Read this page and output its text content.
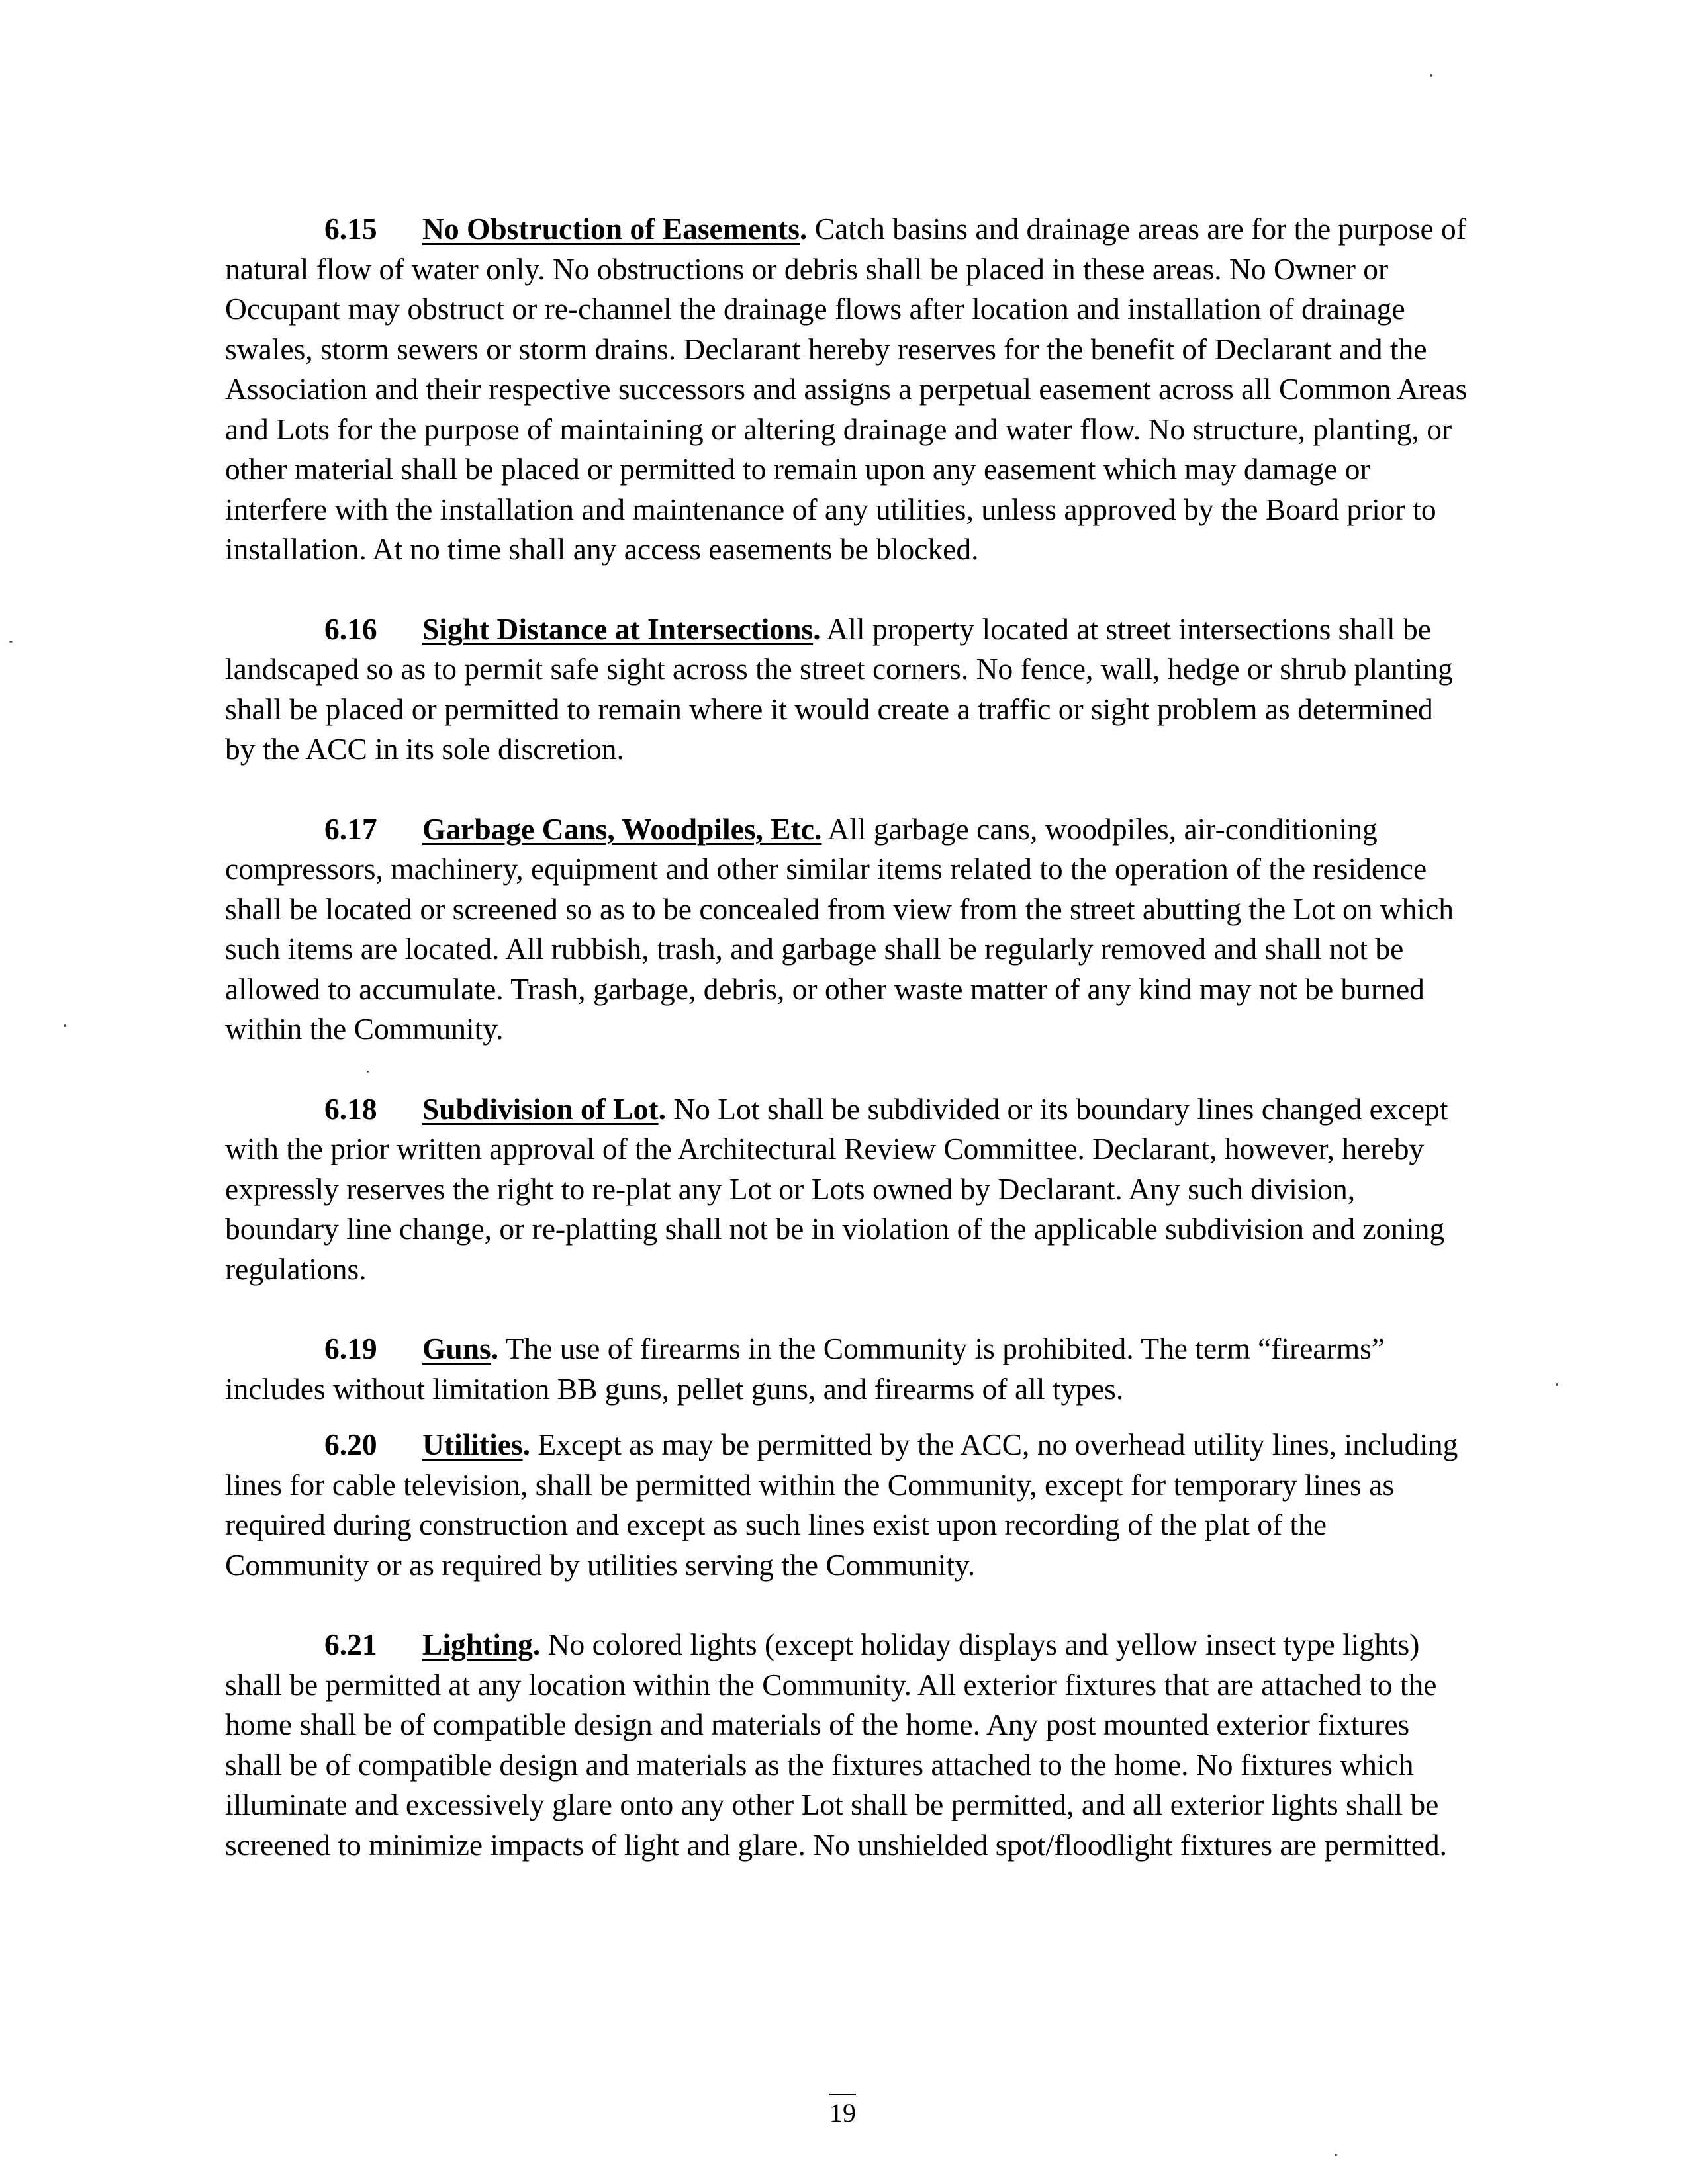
6.15 No Obstruction of Easements. Catch basins and drainage areas are for the purpose of natural flow of water only. No obstructions or debris shall be placed in these areas. No Owner or Occupant may obstruct or re-channel the drainage flows after location and installation of drainage swales, storm sewers or storm drains. Declarant hereby reserves for the benefit of Declarant and the Association and their respective successors and assigns a perpetual easement across all Common Areas and Lots for the purpose of maintaining or altering drainage and water flow. No structure, planting, or other material shall be placed or permitted to remain upon any easement which may damage or interfere with the installation and maintenance of any utilities, unless approved by the Board prior to installation. At no time shall any access easements be blocked.

6.16 Sight Distance at Intersections. All property located at street intersections shall be landscaped so as to permit safe sight across the street corners. No fence, wall, hedge or shrub planting shall be placed or permitted to remain where it would create a traffic or sight problem as determined by the ACC in its sole discretion.

6.17 Garbage Cans, Woodpiles, Etc. All garbage cans, woodpiles, air-conditioning compressors, machinery, equipment and other similar items related to the operation of the residence shall be located or screened so as to be concealed from view from the street abutting the Lot on which such items are located. All rubbish, trash, and garbage shall be regularly removed and shall not be allowed to accumulate. Trash, garbage, debris, or other waste matter of any kind may not be burned within the Community.

6.18 Subdivision of Lot. No Lot shall be subdivided or its boundary lines changed except with the prior written approval of the Architectural Review Committee. Declarant, however, hereby expressly reserves the right to re-plat any Lot or Lots owned by Declarant. Any such division, boundary line change, or re-platting shall not be in violation of the applicable subdivision and zoning regulations.

6.19 Guns. The use of firearms in the Community is prohibited. The term “firearms” includes without limitation BB guns, pellet guns, and firearms of all types.

6.20 Utilities. Except as may be permitted by the ACC, no overhead utility lines, including lines for cable television, shall be permitted within the Community, except for temporary lines as required during construction and except as such lines exist upon recording of the plat of the Community or as required by utilities serving the Community.

6.21 Lighting. No colored lights (except holiday displays and yellow insect type lights) shall be permitted at any location within the Community. All exterior fixtures that are attached to the home shall be of compatible design and materials of the home. Any post mounted exterior fixtures shall be of compatible design and materials as the fixtures attached to the home. No fixtures which illuminate and excessively glare onto any other Lot shall be permitted, and all exterior lights shall be screened to minimize impacts of light and glare. No unshielded spot/floodlight fixtures are permitted.

19
